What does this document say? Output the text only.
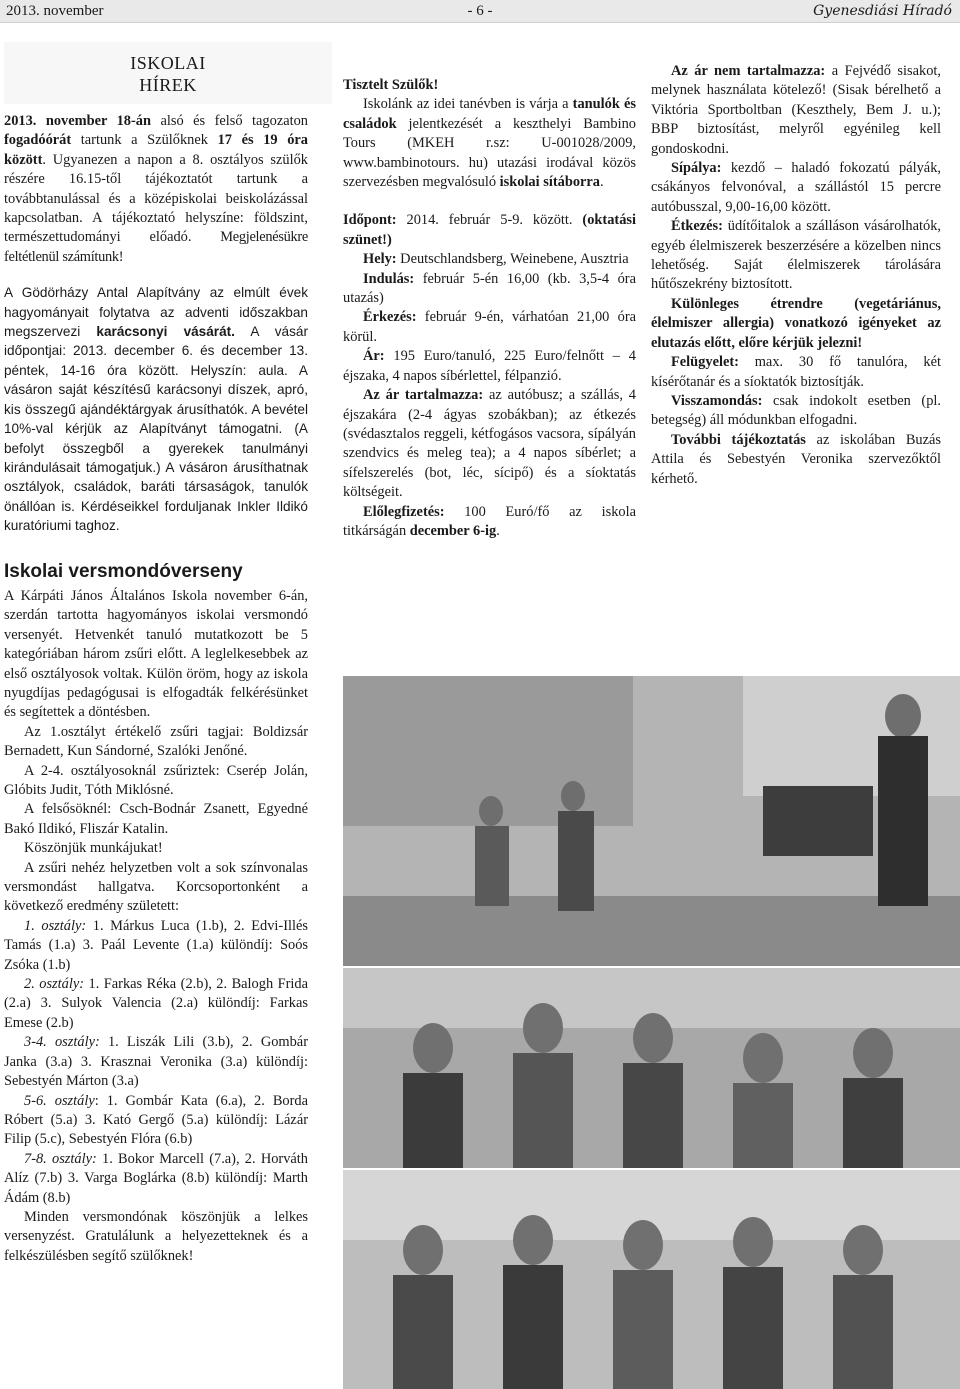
2013. november	- 6 -	Gyenesdiási Híradó
ISKOLAI
HÍREK

2013. november 18-án alsó és felső tagozaton fogadóórát tartunk a Szülőknek 17 és 19 óra között. Ugyanezen a napon a 8. osztályos szülők részére 16.15-től tájékoztatót tartunk a továbbtanulással és a középiskolai beiskolázással kapcsolatban. A tájékoztató helyszíne: földszint, természettudományi előadó. Megjelenésükre feltétlenül számítunk!

A Gödörházy Antal Alapítvány az elmúlt évek hagyományait folytatva az adventi időszakban megszervezi karácsonyi vásárát. A vásár időpontjai: 2013. december 6. és december 13. péntek, 14-16 óra között. Helyszín: aula. A vásáron saját készítésű karácsonyi díszek, apró, kis összegű ajándéktárgyak árusíthatók. A bevétel 10%-val kérjük az Alapítványt támogatni. (A befolyt összegből a gyerekek tanulmányi kirándulásait támogatjuk.) A vásáron árusíthatnak osztályok, családok, baráti társaságok, tanulók önállóan is. Kérdéseikkel forduljanak Inkler Ildikó kuratóriumi taghoz.

Iskolai versmondóverseny

A Kárpáti János Általános Iskola november 6-án, szerdán tartotta hagyományos iskolai versmondó versenyét. Hetvenkét tanuló mutatkozott be 5 kategóriában három zsűri előtt. A leglelkesebbek az első osztályosok voltak. Külön öröm, hogy az iskola nyugdíjas pedagógusai is elfogadták felkérésünket és segítettek a döntésben.

Az 1.osztályt értékelő zsűri tagjai: Boldizsár Bernadett, Kun Sándorné, Szalóki Jenőné.

A 2-4. osztályosoknál zsűriztek: Cserép Jolán, Glóbits Judit, Tóth Miklósné.

A felsősöknél: Csch-Bodnár Zsanett, Egyedné Bakó Ildikó, Fliszár Katalin.

Köszönjük munkájukat!

A zsűri nehéz helyzetben volt a sok színvonalas versmondást hallgatva. Korcsoportonként a következő eredmény született:

1. osztály: 1. Márkus Luca (1.b), 2. Edvi-Illés Tamás (1.a) 3. Paál Levente (1.a) különdíj: Soós Zsóka (1.b)

2. osztály: 1. Farkas Réka (2.b), 2. Balogh Frida (2.a) 3. Sulyok Valencia (2.a) különdíj: Farkas Emese (2.b)

3-4. osztály: 1. Liszák Lili (3.b), 2. Gombár Janka (3.a) 3. Krasznai Veronika (3.a) különdíj: Sebestyén Márton (3.a)

5-6. osztály: 1. Gombár Kata (6.a), 2. Borda Róbert (5.a) 3. Kató Gergő (5.a) különdíj: Lázár Filip (5.c), Sebestyén Flóra (6.b)

7-8. osztály: 1. Bokor Marcell (7.a), 2. Horváth Alíz (7.b) 3. Varga Boglárka (8.b) különdíj: Marth Ádám (8.b)

Minden versmondónak köszönjük a lelkes versenyzést. Gratulálunk a helyezetteknek és a felkészülésben segítő szülőknek!

Tisztelt Szülők!

Iskolánk az idei tanévben is várja a tanulók és családok jelentkezését a keszthelyi Bambino Tours (MKEH r.sz: U-001028/2009, www.bambinotours. hu) utazási irodával közös szervezésben megvalósuló iskolai sítáborra.

Időpont: 2014. február 5-9. között. (oktatási szünet!)

Hely: Deutschlandsberg, Weinebene, Ausztria

Indulás: február 5-én 16,00 (kb. 3,5-4 óra utazás)

Érkezés: február 9-én, várhatóan 21,00 óra körül.

Ár: 195 Euro/tanuló, 225 Euro/felnőtt – 4 éjszaka, 4 napos síbérlettel, félpanzió.

Az ár tartalmazza: az autóbusz; a szállás, 4 éjszakára (2-4 ágyas szobákban); az étkezés (svédasztalos reggeli, kétfogásos vacsora, sípályán szendvics és meleg tea); a 4 napos síbérlet; a sífelszerelés (bot, léc, sícipő) és a síoktatás költségeit.

Előlegfizetés: 100 Euró/fő az iskola titkárságán december 6-ig.

Az ár nem tartalmazza: a Fejvédő sisakot, melynek használata kötelező! (Sisak bérelhető a Viktória Sportboltban (Keszthely, Bem J. u.); BBP biztosítást, melyről egyénileg kell gondoskodni.

Sípálya: kezdő – haladó fokozatú pályák, csákányos felvonóval, a szállástól 15 percre autóbusszal, 9,00-16,00 között.

Étkezés: üdítőitalok a szálláson vásárolhatók, egyéb élelmiszerek beszerzésére a közelben nincs lehetőség. Saját élelmiszerek tárolására hűtőszekrény biztosított.

Különleges étrendre (vegetáriánus, élelmiszer allergia) vonatkozó igényeket az elutazás előtt, előre kérjük jelezni!

Felügyelet: max. 30 fő tanulóra, két kísérőtanár és a síoktatók biztosítják.

Visszamondás: csak indokolt esetben (pl. betegség) áll módunkban elfogadni.

További tájékoztatás az iskolában Buzás Attila és Sebestyén Veronika szervezőktől kérhető.
